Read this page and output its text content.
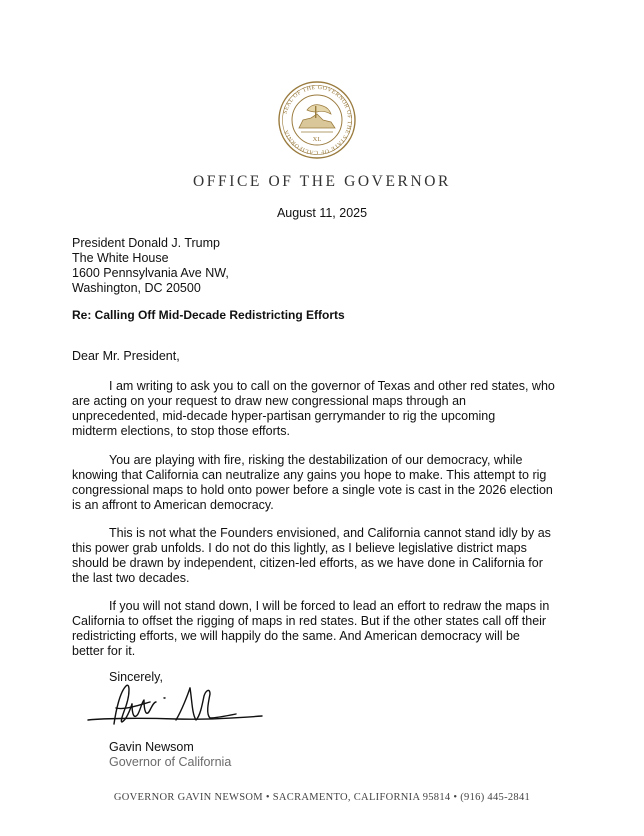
SEAL OF THE GOVERNOR OF THE STATE OF CALIFORNIA
XL
OFFICE OF THE GOVERNOR
August 11, 2025
President Donald J. Trump
The White House
1600 Pennsylvania Ave NW,
Washington, DC 20500
Re: Calling Off Mid-Decade Redistricting Efforts
Dear Mr. President,
I am writing to ask you to call on the governor of Texas and other red states, who
are acting on your request to draw new congressional maps through an
unprecedented, mid-decade hyper-partisan gerrymander to rig the upcoming
midterm elections, to stop those efforts.
You are playing with fire, risking the destabilization of our democracy, while
knowing that California can neutralize any gains you hope to make. This attempt to rig
congressional maps to hold onto power before a single vote is cast in the 2026 election
is an affront to American democracy.
This is not what the Founders envisioned, and California cannot stand idly by as
this power grab unfolds. I do not do this lightly, as I believe legislative district maps
should be drawn by independent, citizen-led efforts, as we have done in California for
the last two decades.
If you will not stand down, I will be forced to lead an effort to redraw the maps in
California to offset the rigging of maps in red states. But if the other states call off their
redistricting efforts, we will happily do the same. And American democracy will be
better for it.
Sincerely,
Gavin Newsom
Governor of California
GOVERNOR GAVIN NEWSOM • SACRAMENTO, CALIFORNIA 95814 • (916) 445-2841
